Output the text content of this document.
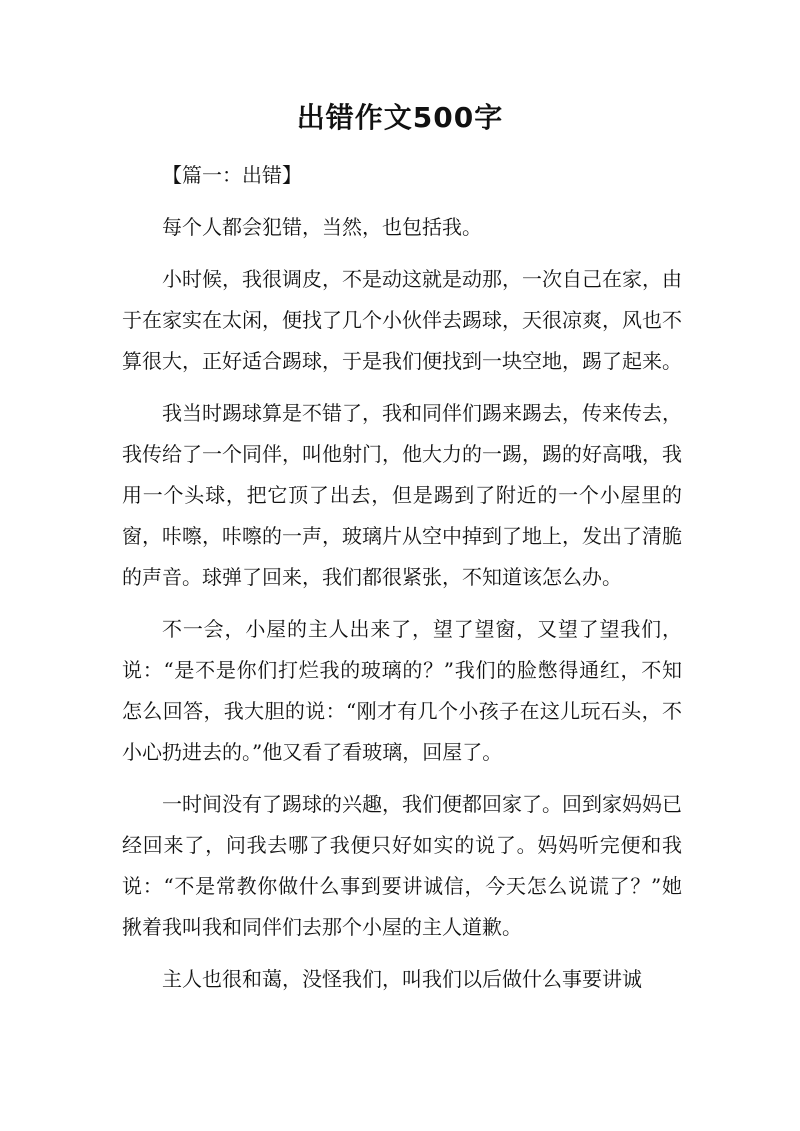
出错作文500字

【篇一：出错】

每个人都会犯错，当然，也包括我。

小时候，我很调皮，不是动这就是动那，一次自己在家，由于在家实在太闲，便找了几个小伙伴去踢球，天很凉爽，风也不算很大，正好适合踢球，于是我们便找到一块空地，踢了起来。

我当时踢球算是不错了，我和同伴们踢来踢去，传来传去，我传给了一个同伴，叫他射门，他大力的一踢，踢的好高哦，我用一个头球，把它顶了出去，但是踢到了附近的一个小屋里的窗，咔嚓，咔嚓的一声，玻璃片从空中掉到了地上，发出了清脆的声音。球弹了回来，我们都很紧张，不知道该怎么办。

不一会，小屋的主人出来了，望了望窗，又望了望我们，说：“是不是你们打烂我的玻璃的？”我们的脸憋得通红，不知怎么回答，我大胆的说：“刚才有几个小孩子在这儿玩石头，不小心扔进去的。”他又看了看玻璃，回屋了。

一时间没有了踢球的兴趣，我们便都回家了。回到家妈妈已经回来了，问我去哪了我便只好如实的说了。妈妈听完便和我说：“不是常教你做什么事到要讲诚信，今天怎么说谎了？”她揪着我叫我和同伴们去那个小屋的主人道歉。

主人也很和蔼，没怪我们，叫我们以后做什么事要讲诚
